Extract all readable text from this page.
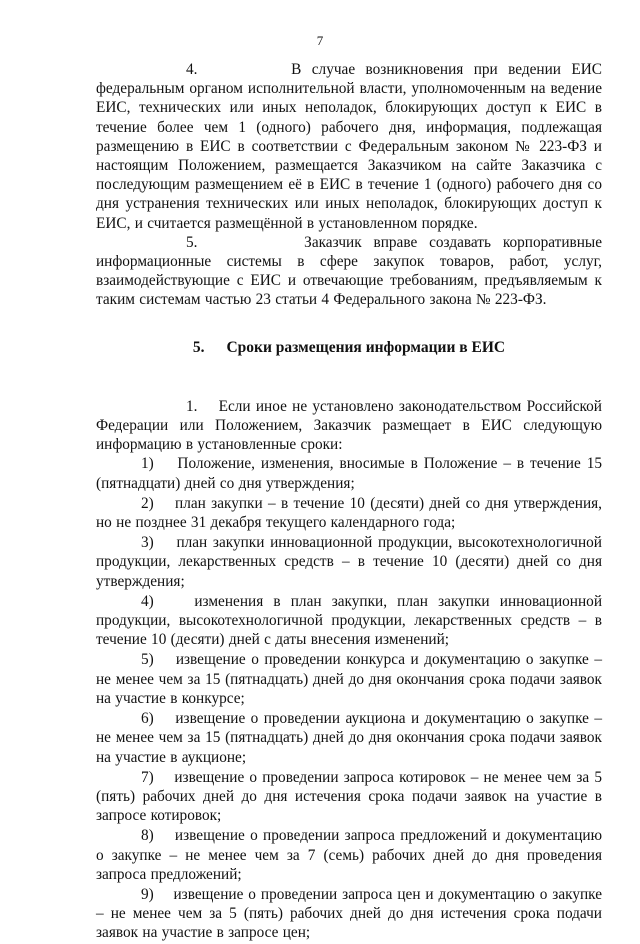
7

4.	В случае возникновения при ведении ЕИС федеральным органом исполнительной власти, уполномоченным на ведение ЕИС, технических или иных неполадок, блокирующих доступ к ЕИС в течение более чем 1 (одного) рабочего дня, информация, подлежащая размещению в ЕИС в соответствии с Федеральным законом № 223-ФЗ и настоящим Положением, размещается Заказчиком на сайте Заказчика с последующим размещением её в ЕИС в течение 1 (одного) рабочего дня со дня устранения технических или иных неполадок, блокирующих доступ к ЕИС, и считается размещённой в установленном порядке.

5.	Заказчик вправе создавать корпоративные информационные системы в сфере закупок товаров, работ, услуг, взаимодействующие с ЕИС и отвечающие требованиям, предъявляемым к таким системам частью 23 статьи 4 Федерального закона № 223-ФЗ.

5. Сроки размещения информации в ЕИС

1. Если иное не установлено законодательством Российской Федерации или Положением, Заказчик размещает в ЕИС следующую информацию в установленные сроки:

1) Положение, изменения, вносимые в Положение – в течение 15 (пятнадцати) дней со дня утверждения;

2) план закупки – в течение 10 (десяти) дней со дня утверждения, но не позднее 31 декабря текущего календарного года;

3) план закупки инновационной продукции, высокотехнологичной продукции, лекарственных средств – в течение 10 (десяти) дней со дня утверждения;

4)	изменения в план закупки, план закупки инновационной продукции, высокотехнологичной продукции, лекарственных средств – в течение 10 (десяти) дней с даты внесения изменений;

5) извещение о проведении конкурса и документацию о закупке – не менее чем за 15 (пятнадцать) дней до дня окончания срока подачи заявок на участие в конкурсе;

6) извещение о проведении аукциона и документацию о закупке – не менее чем за 15 (пятнадцать) дней до дня окончания срока подачи заявок на участие в аукционе;

7) извещение о проведении запроса котировок – не менее чем за 5 (пять) рабочих дней до дня истечения срока подачи заявок на участие в запросе котировок;

8) извещение о проведении запроса предложений и документацию о закупке – не менее чем за 7 (семь) рабочих дней до дня проведения запроса предложений;

9) извещение о проведении запроса цен и документацию о закупке – не менее чем за 5 (пять) рабочих дней до дня истечения срока подачи заявок на участие в запросе цен;
